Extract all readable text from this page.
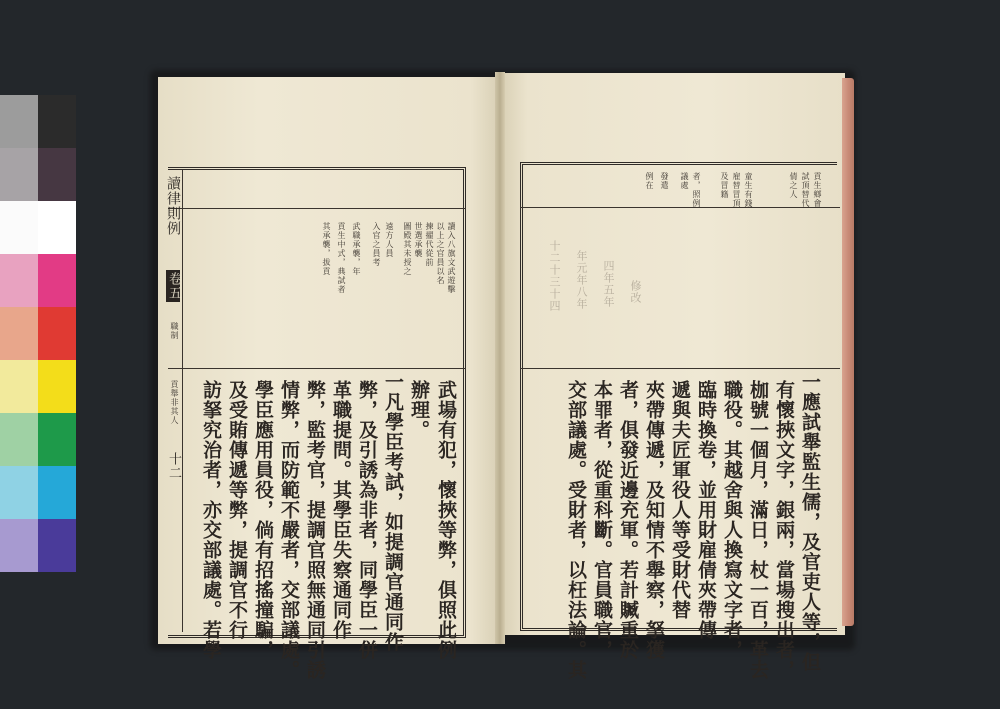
讀律則例
卷五
職制
貢舉非其人
十二
讀入八旗文武遊擊
以上之官員以名
揀擢代從前
世選承襲
圖殿其未授之
遠方人員
入官之員考
武職承襲，年
貢生中式，典試者
其承襲，拔貢
武場有犯，懷挾等弊，俱照此例
辦理。
一凡學臣考試，如提調官通同作
弊，及引誘為非者，同學臣一併
革職提問。其學臣失察通同作
弊，監考官，提調官照無通同引誘
情弊，而防範不嚴者，交部議處。
學臣應用員役，倘有招搖撞騙，
及受賄傳遞等弊，提調官不行
訪拏究治者，亦交部議處。若學
十二十三十四 年元年八年 四年五年 修改
貢生鄉會
試頂替代
倩之人
童生有錢
雇替冒頂
及冒籍
者，照例
議處
發遣
例在
一應試舉監生儒，及官吏人等，但
有懷挾文字，銀兩，當場搜出者，
枷號一個月，滿日，杖一百，革去
職役。其越舍與人換寫文字者，
臨時換卷，並用財雇倩夾帶傳
遞與夫匠軍役人等受財代替
夾帶傳遞，及知情不舉察，拏獲
者，俱發近邊充軍。若計贓重於
本罪者，從重科斷。官員職官，
交部議處。受財者，以枉法論。其
